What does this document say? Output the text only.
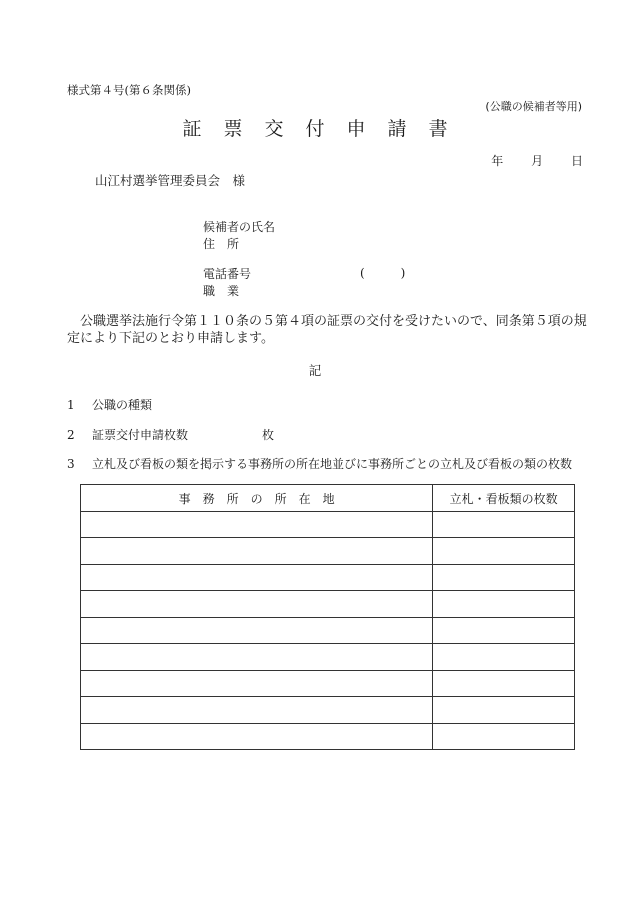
様式第４号(第６条関係)
(公職の候補者等用)
証票交付申請書
年 月 日
山江村選挙管理委員会　様
候補者の氏名
住　所
電話番号	(　　　)
職　業
公職選挙法施行令第１１０条の５第４項の証票の交付を受けたいので、同条第５項の規定により下記のとおり申請します。
記
1 公職の種類
2 証票交付申請枚数	枚
3 立札及び看板の類を掲示する事務所の所在地並びに事務所ごとの立札及び看板の類の枚数
事務所の所在地	立札・看板類の枚数
